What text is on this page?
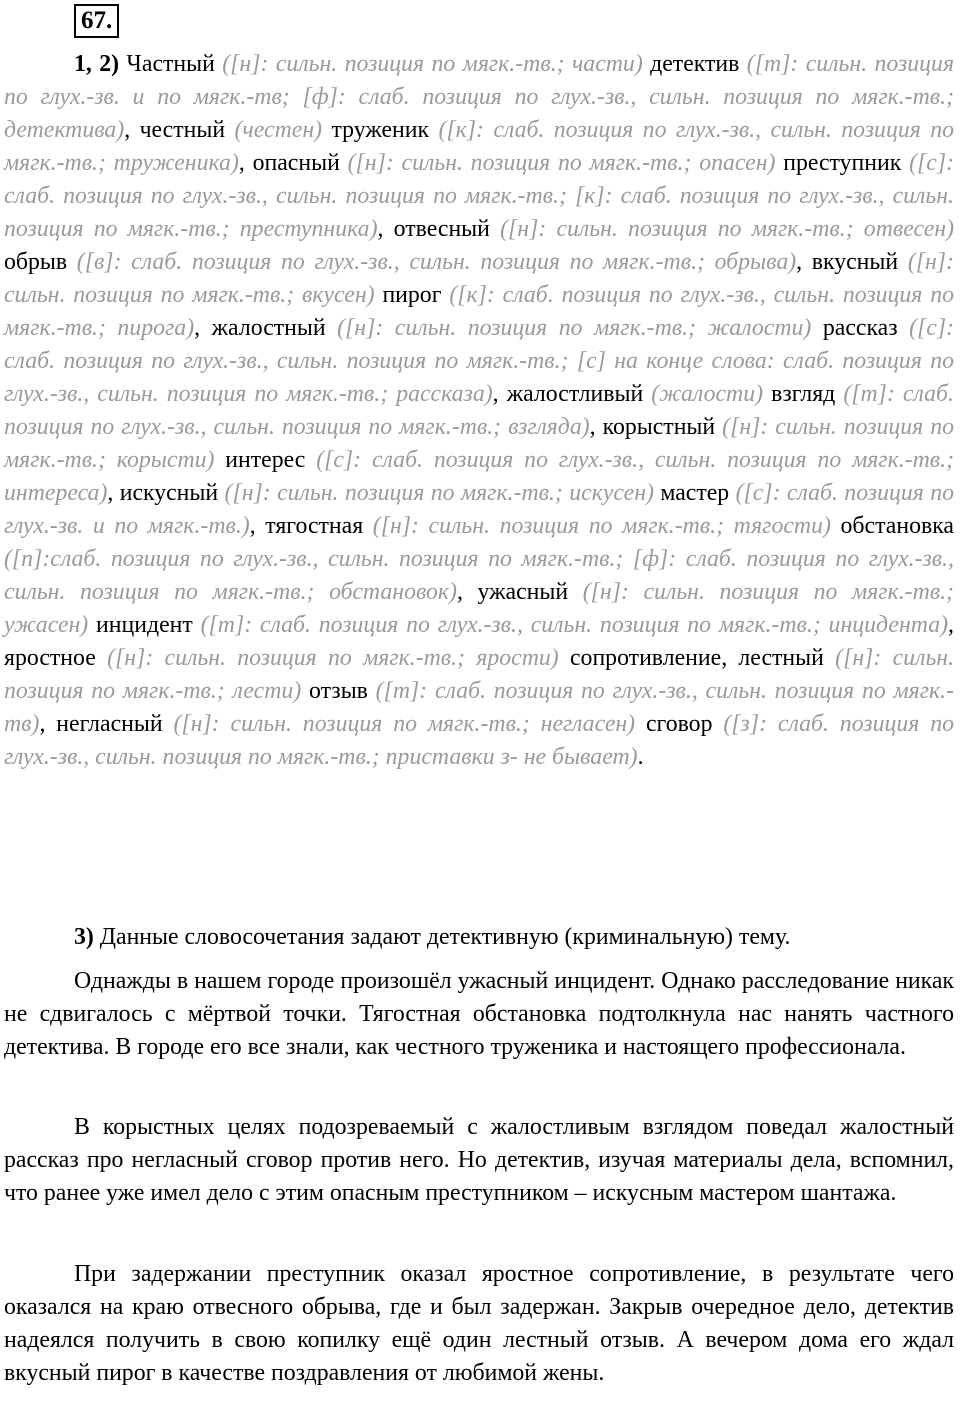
67.

1, 2) Частный ([н]: сильн. позиция по мягк.-тв.; части) детектив ([т]: сильн. позиция по глух.-зв. и по мягк.-тв; [ф]: слаб. позиция по глух.-зв., сильн. позиция по мягк.-тв.; детектива), честный (честен) труженик ([к]: слаб. позиция по глух.-зв., сильн. позиция по мягк.-тв.; труженика), опасный ([н]: сильн. позиция по мягк.-тв.; опасен) преступник ([с]: слаб. позиция по глух.-зв., сильн. позиция по мягк.-тв.; [к]: слаб. позиция по глух.-зв., сильн. позиция по мягк.-тв.; преступника), отвесный ([н]: сильн. позиция по мягк.-тв.; отвесен) обрыв ([в]: слаб. позиция по глух.-зв., сильн. позиция по мягк.-тв.; обрыва), вкусный ([н]: сильн. позиция по мягк.-тв.; вкусен) пирог ([к]: слаб. позиция по глух.-зв., сильн. позиция по мягк.-тв.; пирога), жалостный ([н]: сильн. позиция по мягк.-тв.; жалости) рассказ ([с]: слаб. позиция по глух.-зв., сильн. позиция по мягк.-тв.; [с] на конце слова: слаб. позиция по глух.-зв., сильн. позиция по мягк.-тв.; рассказа), жалостливый (жалости) взгляд ([т]: слаб. позиция по глух.-зв., сильн. позиция по мягк.-тв.; взгляда), корыстный ([н]: сильн. позиция по мягк.-тв.; корысти) интерес ([с]: слаб. позиция по глух.-зв., сильн. позиция по мягк.-тв.; интереса), искусный ([н]: сильн. позиция по мягк.-тв.; искусен) мастер ([с]: слаб. позиция по глух.-зв. и по мягк.-тв.), тягостная ([н]: сильн. позиция по мягк.-тв.; тягости) обстановка ([п]:слаб. позиция по глух.-зв., сильн. позиция по мягк.-тв.; [ф]: слаб. позиция по глух.-зв., сильн. позиция по мягк.-тв.; обстановок), ужасный ([н]: сильн. позиция по мягк.-тв.; ужасен) инцидент ([т]: слаб. позиция по глух.-зв., сильн. позиция по мягк.-тв.; инцидента), яростное ([н]: сильн. позиция по мягк.-тв.; ярости) сопротивление, лестный ([н]: сильн. позиция по мягк.-тв.; лести) отзыв ([т]: слаб. позиция по глух.-зв., сильн. позиция по мягк.-тв), негласный ([н]: сильн. позиция по мягк.-тв.; негласен) сговор ([з]: слаб. позиция по глух.-зв., сильн. позиция по мягк.-тв.; приставки з- не бывает).

3) Данные словосочетания задают детективную (криминальную) тему.

Однажды в нашем городе произошёл ужасный инцидент. Однако расследование никак не сдвигалось с мёртвой точки. Тягостная обстановка подтолкнула нас нанять частного детектива. В городе его все знали, как честного труженика и настоящего профессионала.

В корыстных целях подозреваемый с жалостливым взглядом поведал жалостный рассказ про негласный сговор против него. Но детектив, изучая материалы дела, вспомнил, что ранее уже имел дело с этим опасным преступником – искусным мастером шантажа.

При задержании преступник оказал яростное сопротивление, в результате чего оказался на краю отвесного обрыва, где и был задержан. Закрыв очередное дело, детектив надеялся получить в свою копилку ещё один лестный отзыв. А вечером дома его ждал вкусный пирог в качестве поздравления от любимой жены.
